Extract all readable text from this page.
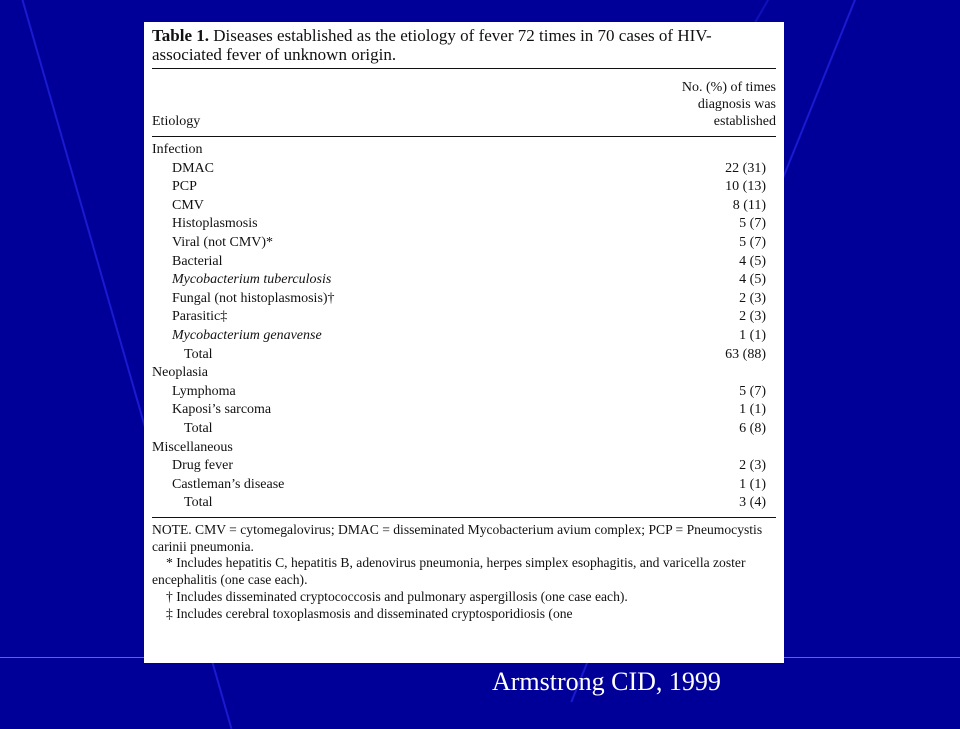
Table 1. Diseases established as the etiology of fever 72 times in 70 cases of HIV-associated fever of unknown origin.
Etiology
No. (%) of times
diagnosis was
established
Infection
DMAC	22 (31)
PCP	10 (13)
CMV	8 (11)
Histoplasmosis	5 (7)
Viral (not CMV)*	5 (7)
Bacterial	4 (5)
Mycobacterium tuberculosis	4 (5)
Fungal (not histoplasmosis)†	2 (3)
Parasitic‡	2 (3)
Mycobacterium genavense	1 (1)
Total	63 (88)
Neoplasia
Lymphoma	5 (7)
Kaposi’s sarcoma	1 (1)
Total	6 (8)
Miscellaneous
Drug fever	2 (3)
Castleman’s disease	1 (1)
Total	3 (4)

NOTE. CMV = cytomegalovirus; DMAC = disseminated Mycobacterium avium complex; PCP = Pneumocystis carinii pneumonia.

* Includes hepatitis C, hepatitis B, adenovirus pneumonia, herpes simplex esophagitis, and varicella zoster encephalitis (one case each).

† Includes disseminated cryptococcosis and pulmonary aspergillosis (one case each).

‡ Includes cerebral toxoplasmosis and disseminated cryptosporidiosis (one

Armstrong CID, 1999
